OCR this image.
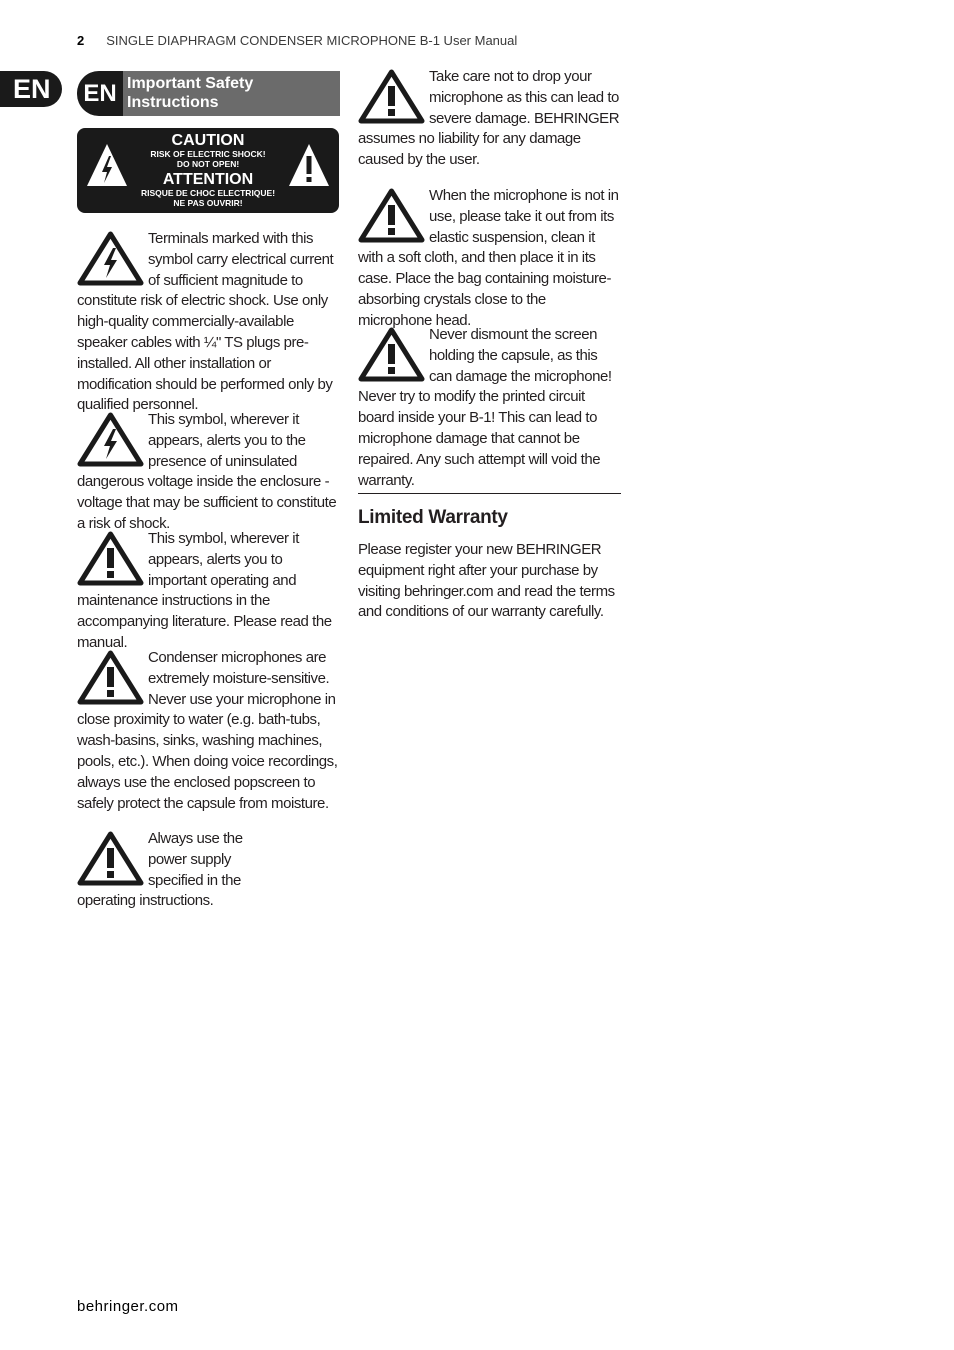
2 SINGLE DIAPHRAGM CONDENSER MICROPHONE B-1 User Manual
EN	EN Important Safety
Instructions
CAUTION
RISK OF ELECTRIC SHOCK!
DO NOT OPEN!
ATTENTION
RISQUE DE CHOC ELECTRIQUE!
NE PAS OUVRIR!

Terminals marked with this symbol carry electrical current of sufficient magnitude to constitute risk of electric shock. Use only high-quality commercially-available speaker cables with ¼" TS plugs pre-installed. All other installation or modification should be performed only by qualified personnel.

This symbol, wherever it appears, alerts you to the presence of uninsulated dangerous voltage inside the enclosure - voltage that may be sufficient to constitute a risk of shock.

This symbol, wherever it appears, alerts you to important operating and maintenance instructions in the accompanying literature. Please read the manual.

Condenser microphones are extremely moisture-sensitive. Never use your microphone in close proximity to water (e.g. bath-tubs, wash-basins, sinks, washing machines, pools, etc.). When doing voice recordings, always use the enclosed popscreen to safely protect the capsule from moisture.

Always use the power supply specified in the operating instructions.

Take care not to drop your microphone as this can lead to severe damage. BEHRINGER assumes no liability for any damage caused by the user.

When the microphone is not in use, please take it out from its elastic suspension, clean it with a soft cloth, and then place it in its case. Place the bag containing moisture-absorbing crystals close to the microphone head.

Never dismount the screen holding the capsule, as this can damage the microphone! Never try to modify the printed circuit board inside your B-1! This can lead to microphone damage that cannot be repaired. Any such attempt will void the warranty.

Limited Warranty

Please register your new BEHRINGER equipment right after your purchase by visiting behringer.com and read the terms and conditions of our warranty carefully.

behringer.com
